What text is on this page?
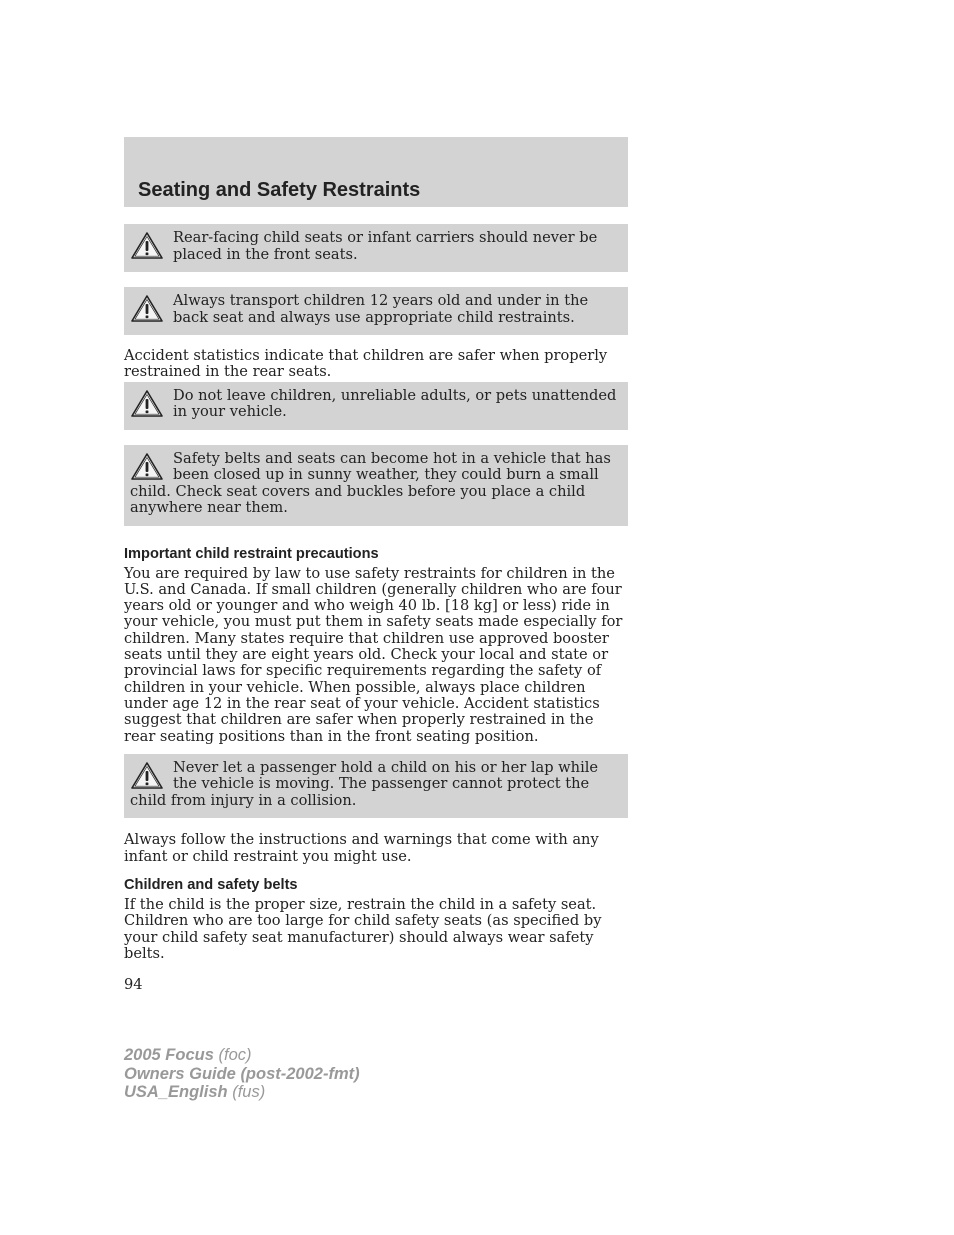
Seating and Safety Restraints
Rear-facing child seats or infant carriers should never be placed in the front seats.
Always transport children 12 years old and under in the back seat and always use appropriate child restraints.

Accident statistics indicate that children are safer when properly restrained in the rear seats.

Do not leave children, unreliable adults, or pets unattended in your vehicle.
Safety belts and seats can become hot in a vehicle that has been closed up in sunny weather, they could burn a small child. Check seat covers and buckles before you place a child anywhere near them.
Important child restraint precautions

You are required by law to use safety restraints for children in the U.S. and Canada. If small children (generally children who are four years old or younger and who weigh 40 lb. [18 kg] or less) ride in your vehicle, you must put them in safety seats made especially for children. Many states require that children use approved booster seats until they are eight years old. Check your local and state or provincial laws for specific requirements regarding the safety of children in your vehicle. When possible, always place children under age 12 in the rear seat of your vehicle. Accident statistics suggest that children are safer when properly restrained in the rear seating positions than in the front seating position.

Never let a passenger hold a child on his or her lap while the vehicle is moving. The passenger cannot protect the child from injury in a collision.

Always follow the instructions and warnings that come with any infant or child restraint you might use.

Children and safety belts

If the child is the proper size, restrain the child in a safety seat. Children who are too large for child safety seats (as specified by your child safety seat manufacturer) should always wear safety belts.

94

2005 Focus (foc)
Owners Guide (post-2002-fmt)
USA_English (fus)
